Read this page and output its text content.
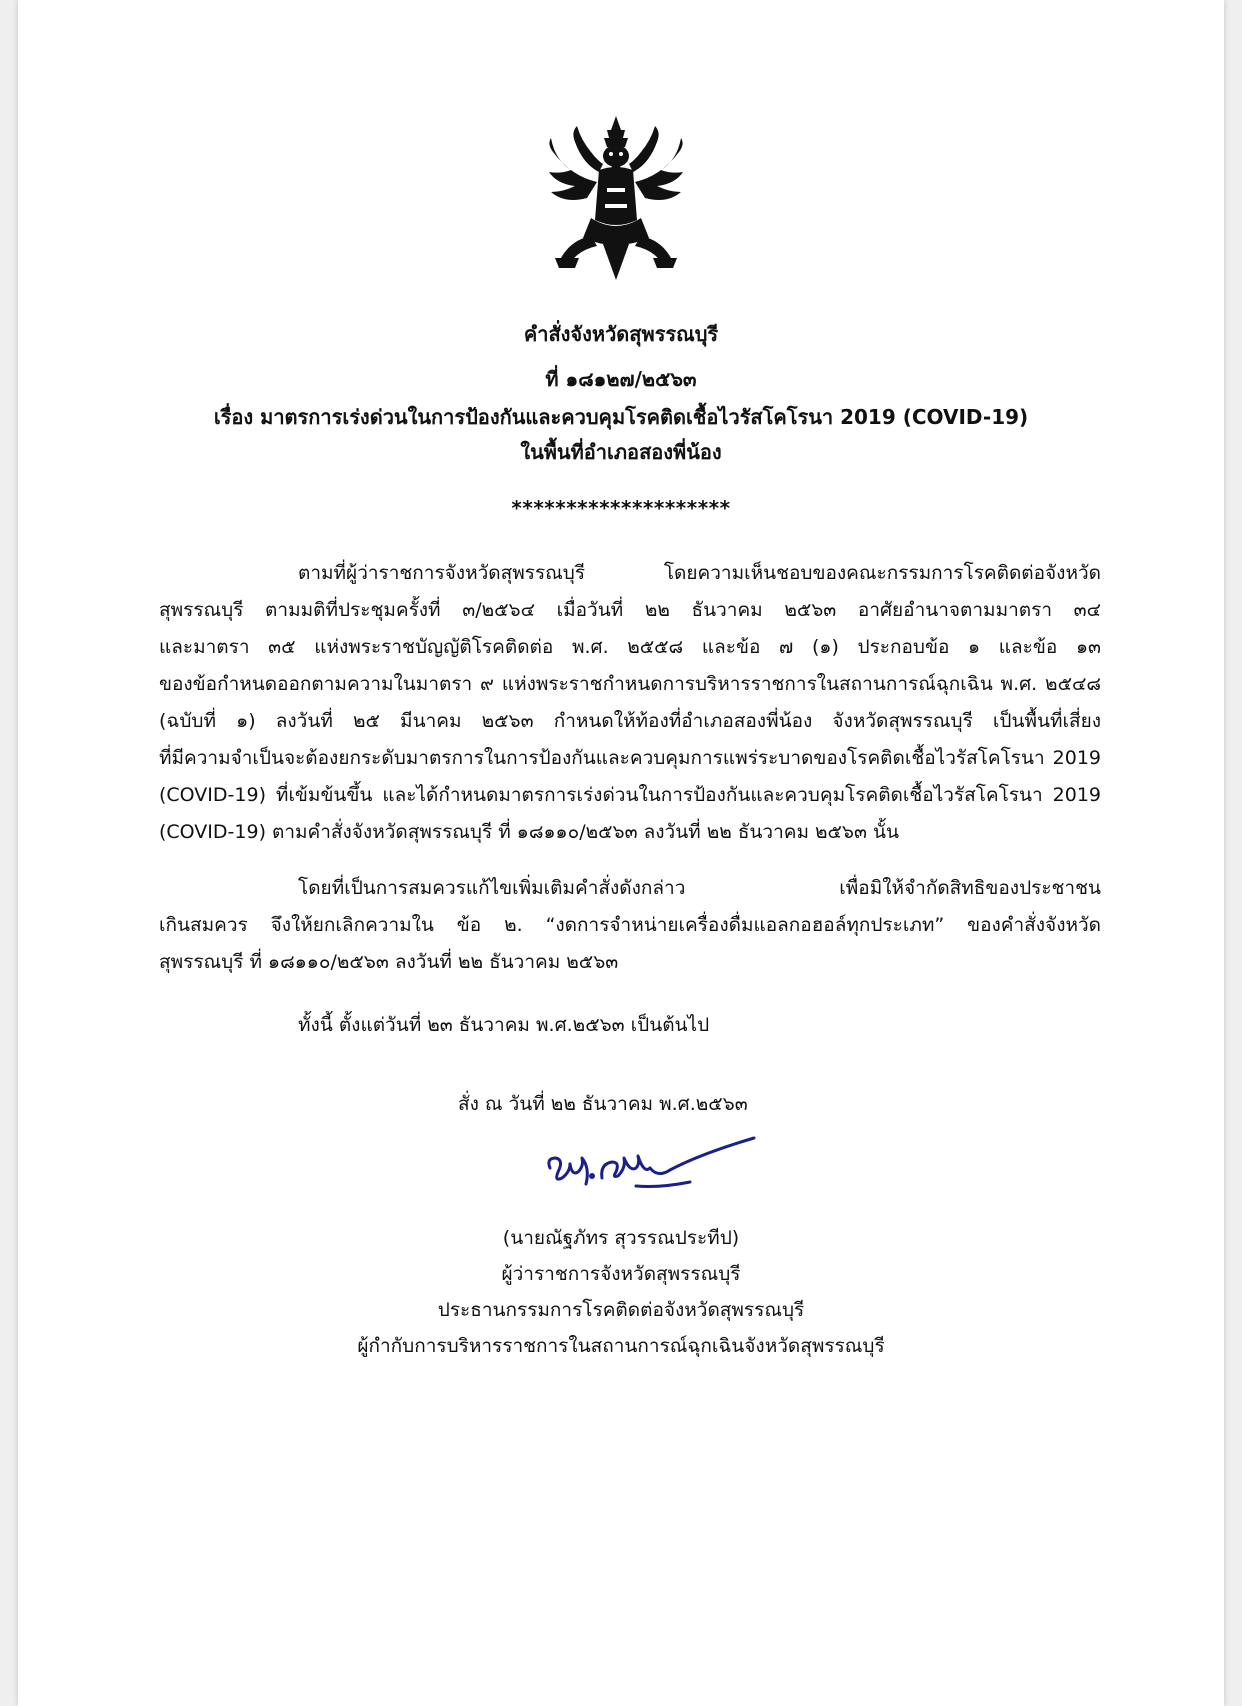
คำสั่งจังหวัดสุพรรณบุรี
ที่ ๑๘๑๒๗/๒๕๖๓
เรื่อง มาตรการเร่งด่วนในการป้องกันและควบคุมโรคติดเชื้อไวรัสโคโรนา 2019 (COVID-19)
ในพื้นที่อำเภอสองพี่น้อง
********************
ตามที่ผู้ว่าราชการจังหวัดสุพรรณบุรี โดยความเห็นชอบของคณะกรรมการโรคติดต่อจังหวัด
สุพรรณบุรี ตามมติที่ประชุมครั้งที่ ๓/๒๕๖๔ เมื่อวันที่ ๒๒ ธันวาคม ๒๕๖๓ อาศัยอำนาจตามมาตรา ๓๔
และมาตรา ๓๕ แห่งพระราชบัญญัติโรคติดต่อ พ.ศ. ๒๕๕๘ และข้อ ๗ (๑) ประกอบข้อ ๑ และข้อ ๑๓
ของข้อกำหนดออกตามความในมาตรา ๙ แห่งพระราชกำหนดการบริหารราชการในสถานการณ์ฉุกเฉิน พ.ศ. ๒๕๔๘
(ฉบับที่ ๑) ลงวันที่ ๒๕ มีนาคม ๒๕๖๓ กำหนดให้ท้องที่อำเภอสองพี่น้อง จังหวัดสุพรรณบุรี เป็นพื้นที่เสี่ยง
ที่มีความจำเป็นจะต้องยกระดับมาตรการในการป้องกันและควบคุมการแพร่ระบาดของโรคติดเชื้อไวรัสโคโรนา 2019
(COVID-19) ที่เข้มข้นขึ้น และได้กำหนดมาตรการเร่งด่วนในการป้องกันและควบคุมโรคติดเชื้อไวรัสโคโรนา 2019
(COVID-19) ตามคำสั่งจังหวัดสุพรรณบุรี ที่ ๑๘๑๑๐/๒๕๖๓ ลงวันที่ ๒๒ ธันวาคม ๒๕๖๓ นั้น
โดยที่เป็นการสมควรแก้ไขเพิ่มเติมคำสั่งดังกล่าว เพื่อมิให้จำกัดสิทธิของประชาชน
เกินสมควร จึงให้ยกเลิกความใน ข้อ ๒. “งดการจำหน่ายเครื่องดื่มแอลกอฮอล์ทุกประเภท” ของคำสั่งจังหวัด
สุพรรณบุรี ที่ ๑๘๑๑๐/๒๕๖๓ ลงวันที่ ๒๒ ธันวาคม ๒๕๖๓
ทั้งนี้ ตั้งแต่วันที่ ๒๓ ธันวาคม พ.ศ.๒๕๖๓ เป็นต้นไป
สั่ง ณ วันที่ ๒๒ ธันวาคม พ.ศ.๒๕๖๓
(นายณัฐภัทร สุวรรณประทีป)
ผู้ว่าราชการจังหวัดสุพรรณบุรี
ประธานกรรมการโรคติดต่อจังหวัดสุพรรณบุรี
ผู้กำกับการบริหารราชการในสถานการณ์ฉุกเฉินจังหวัดสุพรรณบุรี
